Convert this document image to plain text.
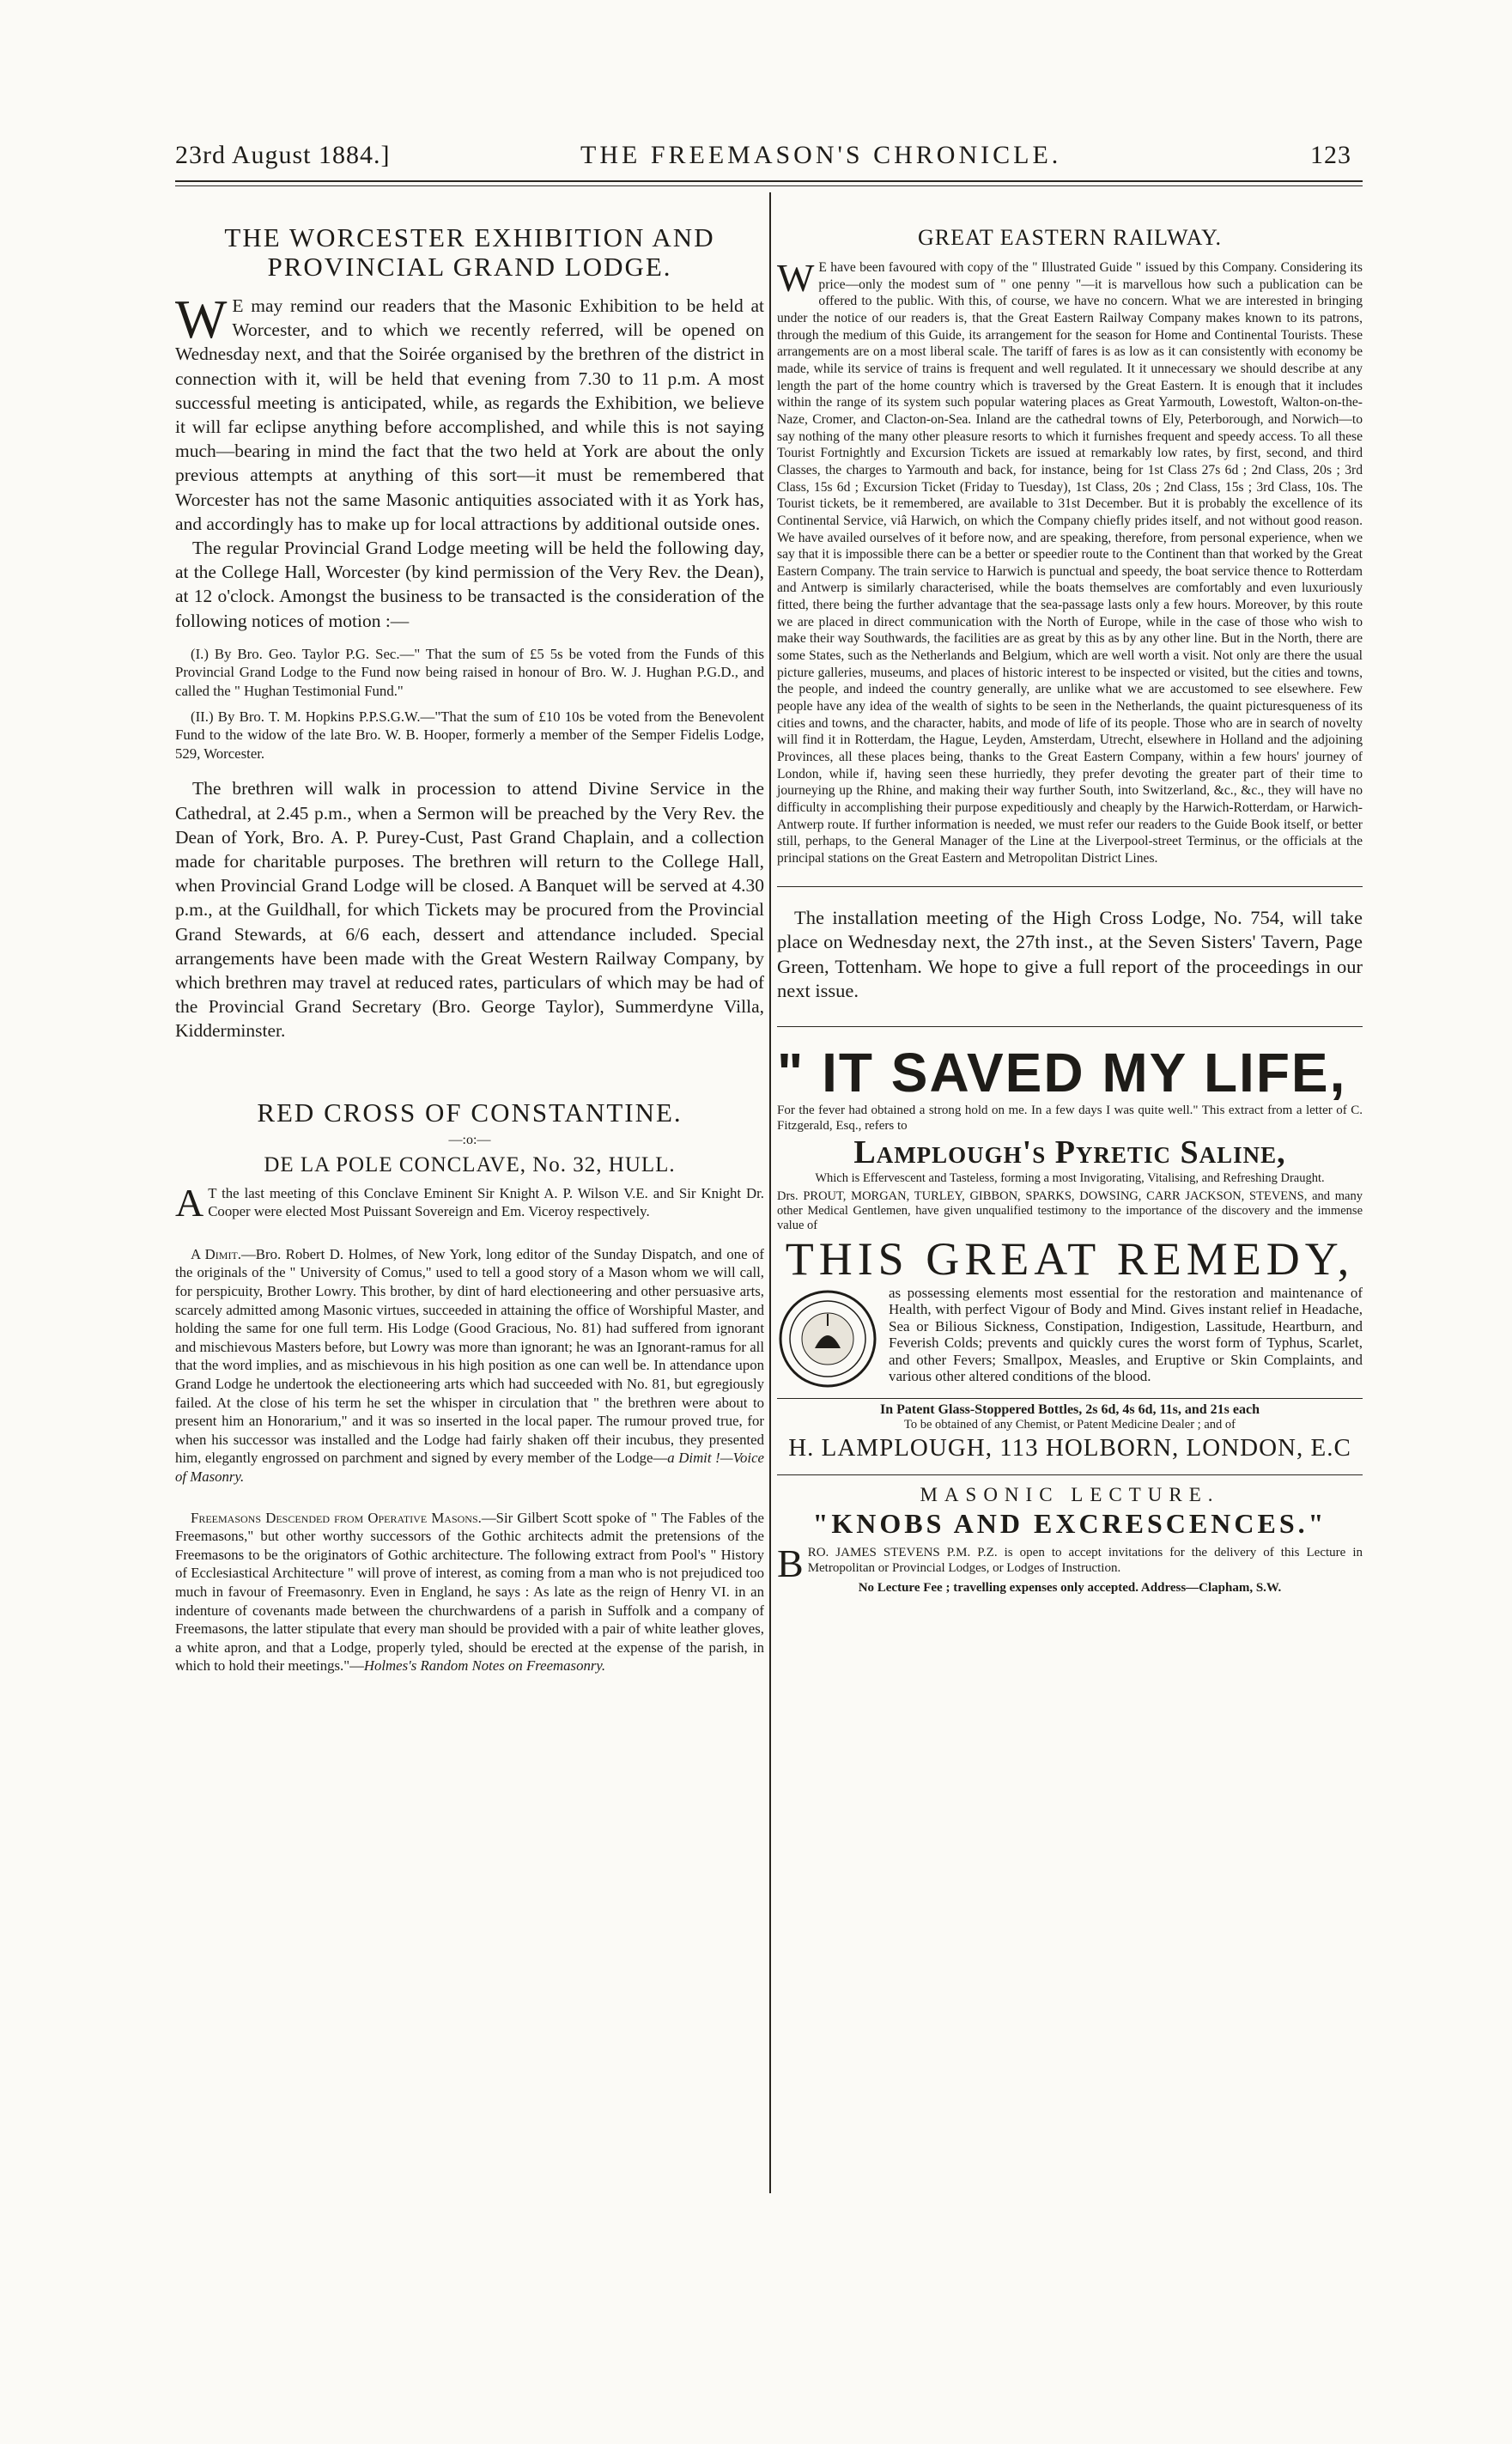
23rd August 1884.]	THE FREEMASON'S CHRONICLE.	123
THE WORCESTER EXHIBITION AND
PROVINCIAL GRAND LODGE.

W E may remind our readers that the Masonic Exhibition to be held at Worcester, and to which we recently referred, will be opened on Wednesday next, and that the Soirée organised by the brethren of the district in connection with it, will be held that evening from 7.30 to 11 p.m. A most successful meeting is anticipated, while, as regards the Exhibition, we believe it will far eclipse anything before accomplished, and while this is not saying much—bearing in mind the fact that the two held at York are about the only previous attempts at anything of this sort—it must be remembered that Worcester has not the same Masonic antiquities associated with it as York has, and accordingly has to make up for local attractions by additional outside ones.

The regular Provincial Grand Lodge meeting will be held the following day, at the College Hall, Worcester (by kind permission of the Very Rev. the Dean), at 12 o'clock. Amongst the business to be transacted is the consideration of the following notices of motion :—

(I.) By Bro. Geo. Taylor P.G. Sec.—" That the sum of £5 5s be voted from the Funds of this Provincial Grand Lodge to the Fund now being raised in honour of Bro. W. J. Hughan P.G.D., and called the " Hughan Testimonial Fund."

(II.) By Bro. T. M. Hopkins P.P.S.G.W.—"That the sum of £10 10s be voted from the Benevolent Fund to the widow of the late Bro. W. B. Hooper, formerly a member of the Semper Fidelis Lodge, 529, Worcester.

The brethren will walk in procession to attend Divine Service in the Cathedral, at 2.45 p.m., when a Sermon will be preached by the Very Rev. the Dean of York, Bro. A. P. Purey-Cust, Past Grand Chaplain, and a collection made for charitable purposes. The brethren will return to the College Hall, when Provincial Grand Lodge will be closed. A Banquet will be served at 4.30 p.m., at the Guildhall, for which Tickets may be procured from the Provincial Grand Stewards, at 6/6 each, dessert and attendance included. Special arrangements have been made with the Great Western Railway Company, by which brethren may travel at reduced rates, particulars of which may be had of the Provincial Grand Secretary (Bro. George Taylor), Summerdyne Villa, Kidderminster.

RED CROSS OF CONSTANTINE.
—:o:—
DE LA POLE CONCLAVE, No. 32, HULL.

A T the last meeting of this Conclave Eminent Sir Knight A. P. Wilson V.E. and Sir Knight Dr. Cooper were elected Most Puissant Sovereign and Em. Viceroy respectively.

A Dimit.—Bro. Robert D. Holmes, of New York, long editor of the Sunday Dispatch, and one of the originals of the " University of Comus," used to tell a good story of a Mason whom we will call, for perspicuity, Brother Lowry. This brother, by dint of hard electioneering and other persuasive arts, scarcely admitted among Masonic virtues, succeeded in attaining the office of Worshipful Master, and holding the same for one full term. His Lodge (Good Gracious, No. 81) had suffered from ignorant and mischievous Masters before, but Lowry was more than ignorant; he was an Ignorant-ramus for all that the word implies, and as mischievous in his high position as one can well be. In attendance upon Grand Lodge he undertook the electioneering arts which had succeeded with No. 81, but egregiously failed. At the close of his term he set the whisper in circulation that " the brethren were about to present him an Honorarium," and it was so inserted in the local paper. The rumour proved true, for when his successor was installed and the Lodge had fairly shaken off their incubus, they presented him, elegantly engrossed on parchment and signed by every member of the Lodge—a Dimit !—Voice of Masonry.

Freemasons Descended from Operative Masons.—Sir Gilbert Scott spoke of " The Fables of the Freemasons," but other worthy successors of the Gothic architects admit the pretensions of the Freemasons to be the originators of Gothic architecture. The following extract from Pool's " History of Ecclesiastical Architecture " will prove of interest, as coming from a man who is not prejudiced too much in favour of Freemasonry. Even in England, he says : As late as the reign of Henry VI. in an indenture of covenants made between the churchwardens of a parish in Suffolk and a company of Freemasons, the latter stipulate that every man should be provided with a pair of white leather gloves, a white apron, and that a Lodge, properly tyled, should be erected at the expense of the parish, in which to hold their meetings."—Holmes's Random Notes on Freemasonry.

GREAT EASTERN RAILWAY.

W E have been favoured with copy of the " Illustrated Guide " issued by this Company. Considering its price—only the modest sum of " one penny "—it is marvellous how such a publication can be offered to the public. With this, of course, we have no concern. What we are interested in bringing under the notice of our readers is, that the Great Eastern Railway Company makes known to its patrons, through the medium of this Guide, its arrangement for the season for Home and Continental Tourists. These arrangements are on a most liberal scale. The tariff of fares is as low as it can consistently with economy be made, while its service of trains is frequent and well regulated. It it unnecessary we should describe at any length the part of the home country which is traversed by the Great Eastern. It is enough that it includes within the range of its system such popular watering places as Great Yarmouth, Lowestoft, Walton-on-the-Naze, Cromer, and Clacton-on-Sea. Inland are the cathedral towns of Ely, Peterborough, and Norwich—to say nothing of the many other pleasure resorts to which it furnishes frequent and speedy access. To all these Tourist Fortnightly and Excursion Tickets are issued at remarkably low rates, by first, second, and third Classes, the charges to Yarmouth and back, for instance, being for 1st Class 27s 6d ; 2nd Class, 20s ; 3rd Class, 15s 6d ; Excursion Ticket (Friday to Tuesday), 1st Class, 20s ; 2nd Class, 15s ; 3rd Class, 10s. The Tourist tickets, be it remembered, are available to 31st December. But it is probably the excellence of its Continental Service, viâ Harwich, on which the Company chiefly prides itself, and not without good reason. We have availed ourselves of it before now, and are speaking, therefore, from personal experience, when we say that it is impossible there can be a better or speedier route to the Continent than that worked by the Great Eastern Company. The train service to Harwich is punctual and speedy, the boat service thence to Rotterdam and Antwerp is similarly characterised, while the boats themselves are comfortably and even luxuriously fitted, there being the further advantage that the sea-passage lasts only a few hours. Moreover, by this route we are placed in direct communication with the North of Europe, while in the case of those who wish to make their way Southwards, the facilities are as great by this as by any other line. But in the North, there are some States, such as the Netherlands and Belgium, which are well worth a visit. Not only are there the usual picture galleries, museums, and places of historic interest to be inspected or visited, but the cities and towns, the people, and indeed the country generally, are unlike what we are accustomed to see elsewhere. Few people have any idea of the wealth of sights to be seen in the Netherlands, the quaint picturesqueness of its cities and towns, and the character, habits, and mode of life of its people. Those who are in search of novelty will find it in Rotterdam, the Hague, Leyden, Amsterdam, Utrecht, elsewhere in Holland and the adjoining Provinces, all these places being, thanks to the Great Eastern Company, within a few hours' journey of London, while if, having seen these hurriedly, they prefer devoting the greater part of their time to journeying up the Rhine, and making their way further South, into Switzerland, &c., &c., they will have no difficulty in accomplishing their purpose expeditiously and cheaply by the Harwich-Rotterdam, or Harwich-Antwerp route. If further information is needed, we must refer our readers to the Guide Book itself, or better still, perhaps, to the General Manager of the Line at the Liverpool-street Terminus, or the officials at the principal stations on the Great Eastern and Metropolitan District Lines.

The installation meeting of the High Cross Lodge, No. 754, will take place on Wednesday next, the 27th inst., at the Seven Sisters' Tavern, Page Green, Tottenham. We hope to give a full report of the proceedings in our next issue.

" IT SAVED MY LIFE,

For the fever had obtained a strong hold on me. In a few days I was quite well." This extract from a letter of C. Fitzgerald, Esq., refers to

Lamplough's Pyretic Saline,

Which is Effervescent and Tasteless, forming a most Invigorating, Vitalising, and Refreshing Draught.

Drs. PROUT, MORGAN, TURLEY, GIBBON, SPARKS, DOWSING, CARR JACKSON, STEVENS, and many other Medical Gentlemen, have given unqualified testimony to the importance of the discovery and the immense value of

THIS GREAT REMEDY,

as possessing elements most essential for the restoration and maintenance of Health, with perfect Vigour of Body and Mind. Gives instant relief in Headache, Sea or Bilious Sickness, Constipation, Indigestion, Lassitude, Heartburn, and Feverish Colds; prevents and quickly cures the worst form of Typhus, Scarlet, and other Fevers; Smallpox, Measles, and Eruptive or Skin Complaints, and various other altered conditions of the blood.

In Patent Glass-Stoppered Bottles, 2s 6d, 4s 6d, 11s, and 21s each

To be obtained of any Chemist, or Patent Medicine Dealer ; and of

H. LAMPLOUGH, 113 HOLBORN, LONDON, E.C

MASONIC LECTURE.

"KNOBS AND EXCRESCENCES."

BRO. JAMES STEVENS P.M. P.Z. is open to accept invitations for the delivery of this Lecture in Metropolitan or Provincial Lodges, or Lodges of Instruction.

No Lecture Fee ; travelling expenses only accepted. Address—Clapham, S.W.
